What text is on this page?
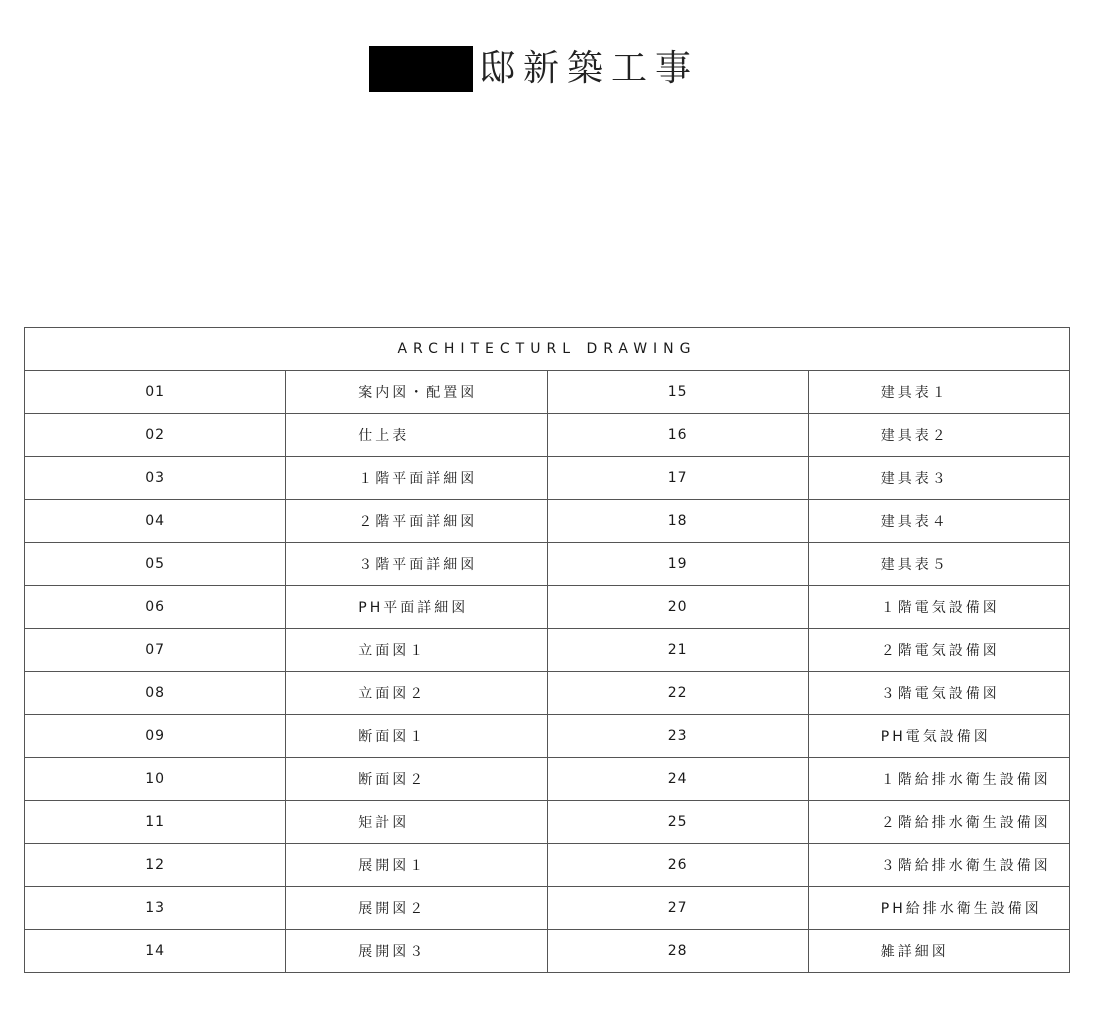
邸新築工事
ARCHITECTURL DRAWING			
01	案内図・配置図	15	建具表１
02	仕上表	16	建具表２
03	１階平面詳細図	17	建具表３
04	２階平面詳細図	18	建具表４
05	３階平面詳細図	19	建具表５
06	PH平面詳細図	20	１階電気設備図
07	立面図１	21	２階電気設備図
08	立面図２	22	３階電気設備図
09	断面図１	23	PH電気設備図
10	断面図２	24	１階給排水衛生設備図
11	矩計図	25	２階給排水衛生設備図
12	展開図１	26	３階給排水衛生設備図
13	展開図２	27	PH給排水衛生設備図
14	展開図３	28	雑詳細図
